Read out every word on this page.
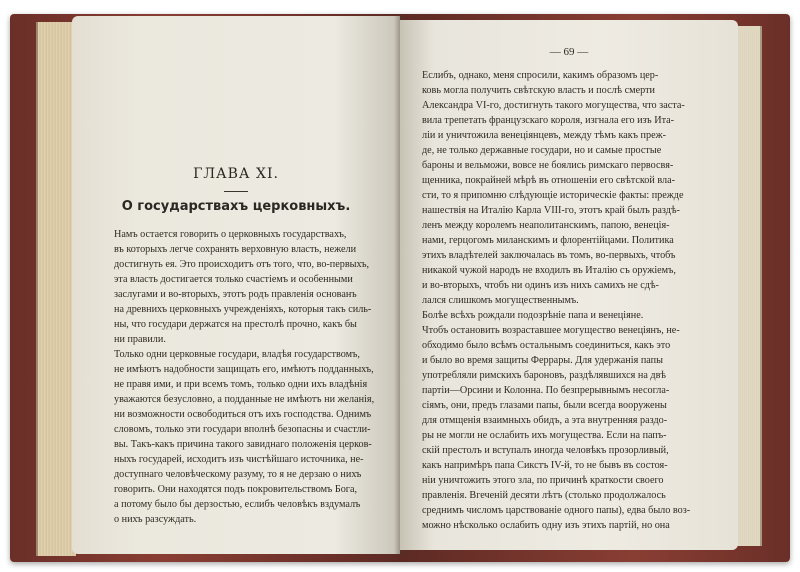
ГЛАВА XI.
О государствахъ церковныхъ.
Намъ остается говорить о церковныхъ государствахъ,
въ которыхъ легче сохранять верховную власть, нежели
достигнуть ея. Это происходитъ отъ того, что, во-первыхъ,
эта власть достигается только счастіемъ и особенными
заслугами и во-вторыхъ, этотъ родъ правленія основанъ
на древнихъ церковныхъ учрежденіяхъ, которыя такъ силь-
ны, что государи держатся на престолѣ прочно, какъ бы
ни правили.
Только одни церковные государи, владѣя государствомъ,
не имѣютъ надобности защищать его, имѣютъ подданныхъ,
не правя ими, и при всемъ томъ, только одни ихъ владѣнія
уважаются безусловно, а подданные не имѣютъ ни желанія,
ни возможности освободиться отъ ихъ господства. Однимъ
словомъ, только эти государи вполнѣ безопасны и счастли-
вы. Такъ-какъ причина такого завиднаго положенія церков-
ныхъ государей, исходитъ изъ чистѣйшаго источника, не-
доступнаго человѣческому разуму, то я не дерзаю о нихъ
говорить. Они находятся подъ покровительствомъ Бога,
а потому было бы дерзостью, еслибъ человѣкъ вздумалъ
о нихъ разсуждать.
— 69 —
Еслибъ, однако, меня спросили, какимъ образомъ цер-
ковь могла получить свѣтскую власть и послѣ смерти
Александра VI-го, достигнуть такого могущества, что заста-
вила трепетать французскаго короля, изгнала его изъ Ита-
ліи и уничтожила венеціянцевъ, между тѣмъ какъ преж-
де, не только державные государи, но и самые простые
бароны и вельможи, вовсе не боялись римскаго первосвя-
щенника, покрайней мѣрѣ въ отношеніи его свѣтской вла-
сти, то я припомню слѣдующіе историческіе факты: прежде
нашествія на Италію Карла VIII-го, этотъ край былъ раздѣ-
ленъ между королемъ неаполитанскимъ, папою, венеція-
нами, герцогомъ миланскимъ и флорентійцами. Политика
этихъ владѣтелей заключалась въ томъ, во-первыхъ, чтобъ
никакой чужой народъ не входилъ въ Италію съ оружіемъ,
и во-вторыхъ, чтобъ ни одинъ изъ нихъ самихъ не сдѣ-
лался слишкомъ могущественнымъ.
Болѣе всѣхъ рождали подозрѣніе папа и венеціяне.
Чтобъ остановить возраставшее могущество венеціянъ, не-
обходимо было всѣмъ остальнымъ соединиться, какъ это
и было во время защиты Феррары. Для удержанія папы
употребляли римскихъ бароновъ, раздѣлявшихся на двѣ
партіи—Орсини и Колонна. По безпрерывнымъ несогла-
сіямъ, они, предъ глазами папы, были всегда вооружены
для отмщенія взаимныхъ обидъ, а эта внутренняя раздо-
ры не могли не ослабить ихъ могущества. Если на папъ-
скій престолъ и вступалъ иногда человѣкъ прозорливый,
какъ напримѣръ папа Сикстъ IV-й, то не бывъ въ состоя-
ніи уничтожить этого зла, по причинѣ краткости своего
правленія. Вгеченій десяти лѣтъ (столько продолжалось
среднимъ числомъ царствованіе одного папы), едва было воз-
можно нѣсколько ослабить одну изъ этихъ партій, но она
